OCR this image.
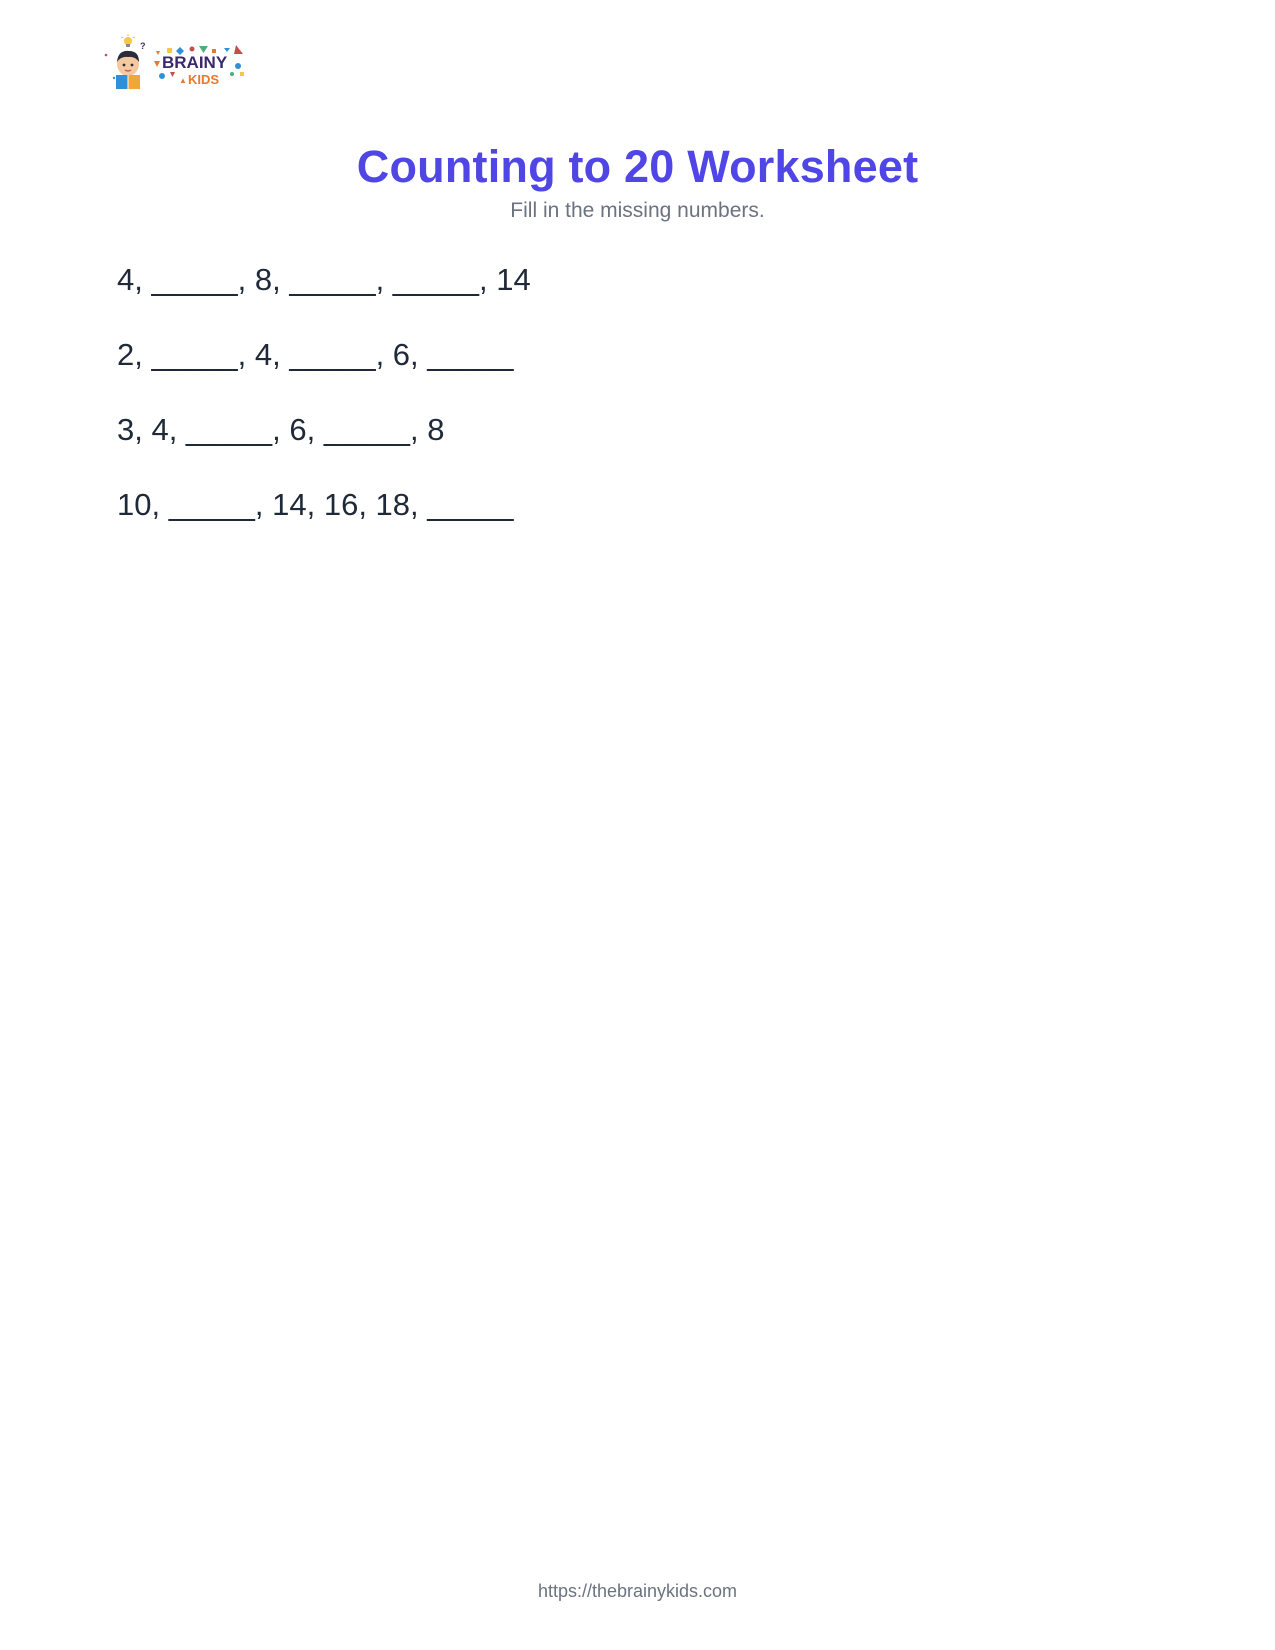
?
▲
BRAINY
KIDS
Counting to 20 Worksheet

Fill in the missing numbers.

4, _____, 8, _____, _____, 14
2, _____, 4, _____, 6, _____
3, 4, _____, 6, _____, 8
10, _____, 14, 16, 18, _____
https://thebrainykids.com
